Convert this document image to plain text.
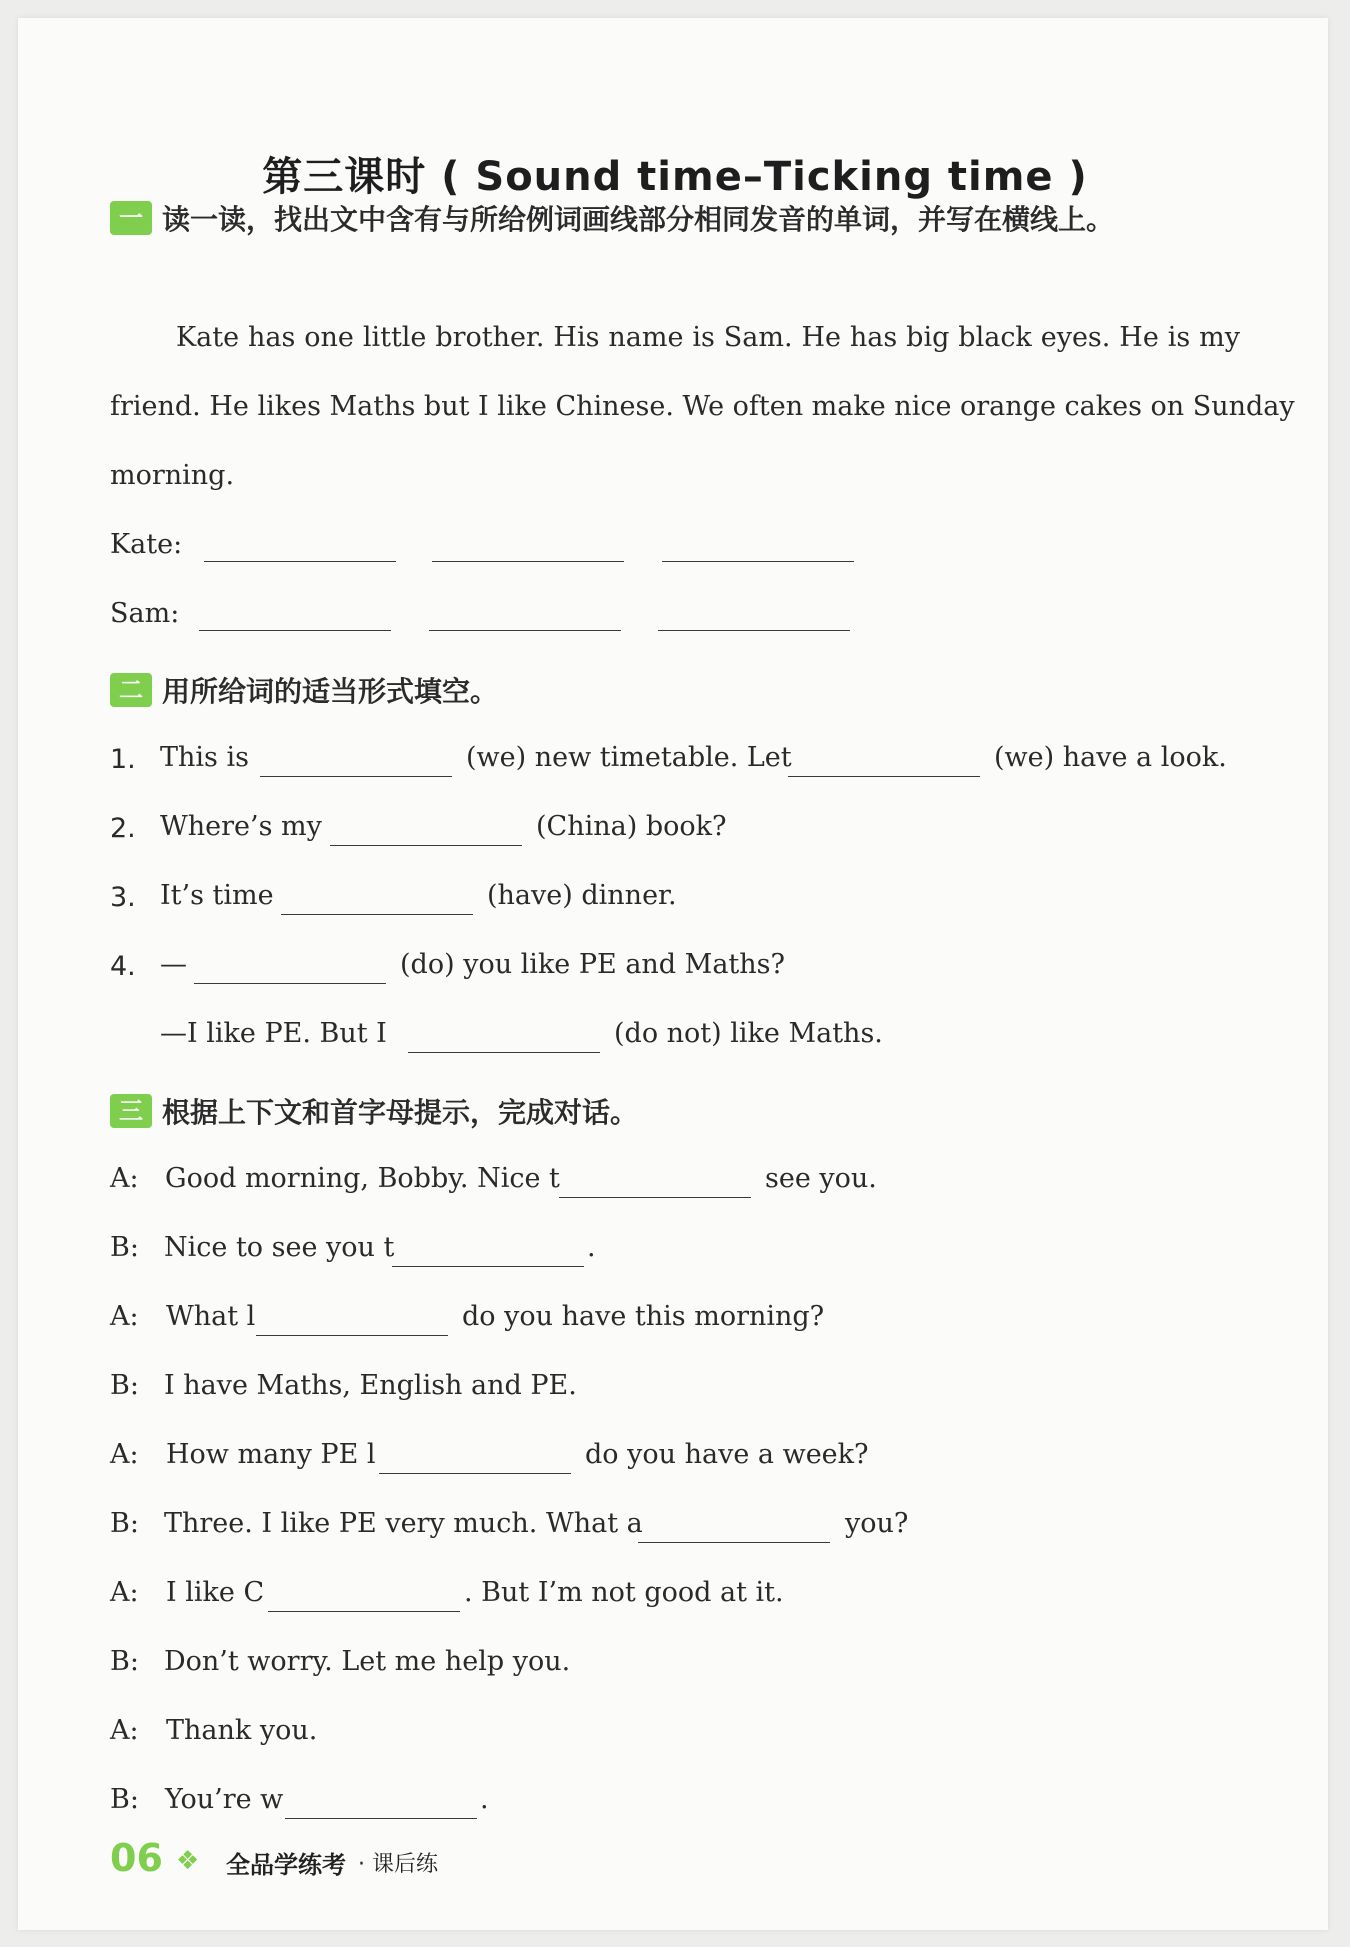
第三课时 ( Sound time–Ticking time )
一 读一读，找出文中含有与所给例词画线部分相同发音的单词，并写在横线上。
Kate has one little brother. His name is Sam. He has big black eyes. He is my
friend. He likes Maths but I like Chinese. We often make nice orange cakes on Sunday
morning.
Kate:
Sam:
二 用所给词的适当形式填空。
1. This is	(we) new timetable. Let	(we) have a look.
2. Where’s my	(China) book?
3. It’s time	(have) dinner.
4. —	(do) you like PE and Maths?
—I like PE. But I	(do not) like Maths.
三 根据上下文和首字母提示，完成对话。
A: Good morning, Bobby. Nice t	see you.
B: Nice to see you t	.
A: What l	do you have this morning?
B: I have Maths, English and PE.
A: How many PE l	do you have a week?
B: Three. I like PE very much. What a	you?
A: I like C	. But I’m not good at it.
B: Don’t worry. Let me help you.
A: Thank you.
B: You’re w	.
06 ❖ 全品学练考 · 课后练
